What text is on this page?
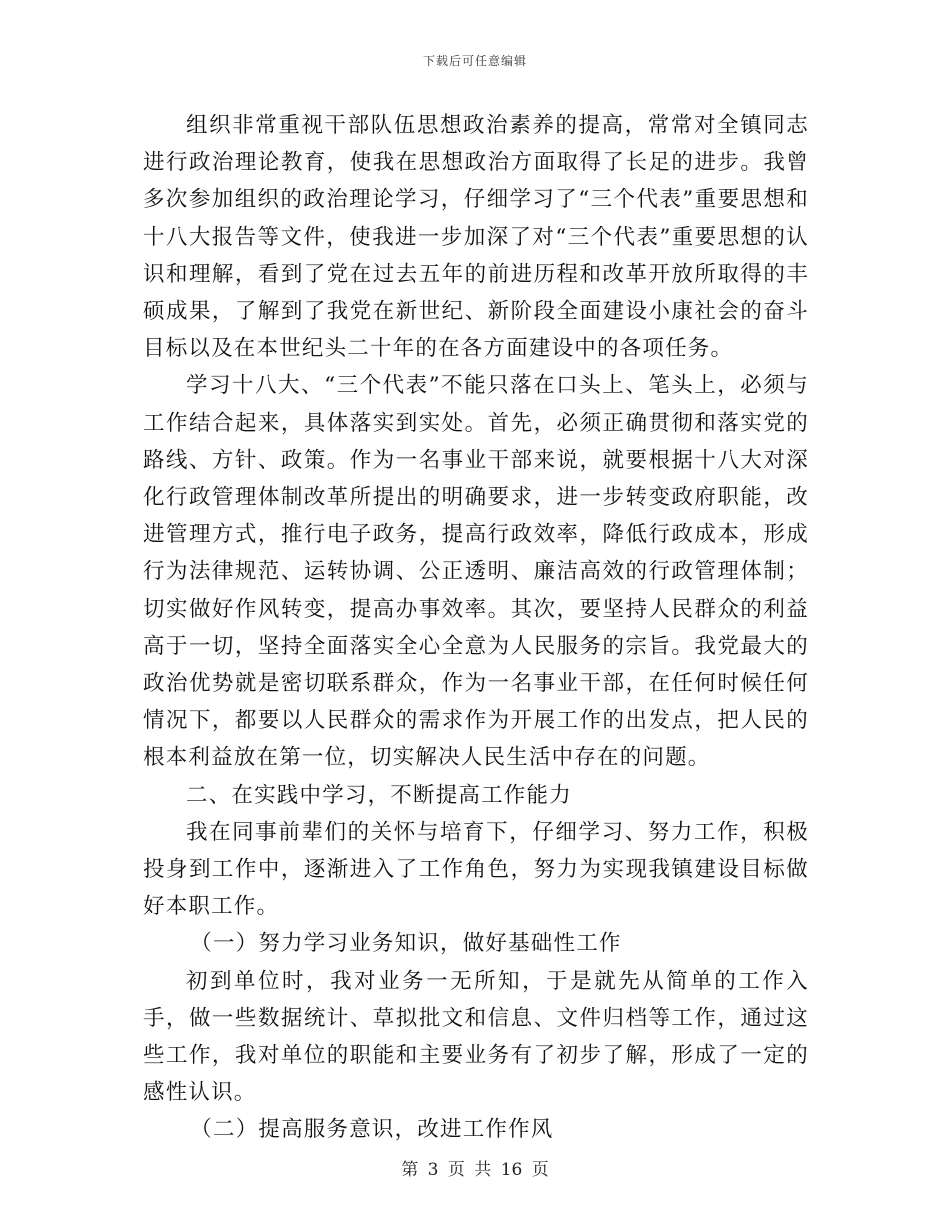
下载后可任意编辑

组织非常重视干部队伍思想政治素养的提高，常常对全镇同志进行政治理论教育，使我在思想政治方面取得了长足的进步。我曾多次参加组织的政治理论学习，仔细学习了“三个代表”重要思想和十八大报告等文件，使我进一步加深了对“三个代表”重要思想的认识和理解，看到了党在过去五年的前进历程和改革开放所取得的丰硕成果，了解到了我党在新世纪、新阶段全面建设小康社会的奋斗目标以及在本世纪头二十年的在各方面建设中的各项任务。

学习十八大、“三个代表”不能只落在口头上、笔头上，必须与工作结合起来，具体落实到实处。首先，必须正确贯彻和落实党的路线、方针、政策。作为一名事业干部来说，就要根据十八大对深化行政管理体制改革所提出的明确要求，进一步转变政府职能，改进管理方式，推行电子政务，提高行政效率，降低行政成本，形成行为法律规范、运转协调、公正透明、廉洁高效的行政管理体制；切实做好作风转变，提高办事效率。其次，要坚持人民群众的利益高于一切，坚持全面落实全心全意为人民服务的宗旨。我党最大的政治优势就是密切联系群众，作为一名事业干部，在任何时候任何情况下，都要以人民群众的需求作为开展工作的出发点，把人民的根本利益放在第一位，切实解决人民生活中存在的问题。

二、在实践中学习，不断提高工作能力

我在同事前辈们的关怀与培育下，仔细学习、努力工作，积极投身到工作中，逐渐进入了工作角色，努力为实现我镇建设目标做好本职工作。

（一）努力学习业务知识，做好基础性工作

初到单位时，我对业务一无所知，于是就先从简单的工作入手，做一些数据统计、草拟批文和信息、文件归档等工作，通过这些工作，我对单位的职能和主要业务有了初步了解，形成了一定的感性认识。

（二）提高服务意识，改进工作作风

第 3 页 共 16 页
